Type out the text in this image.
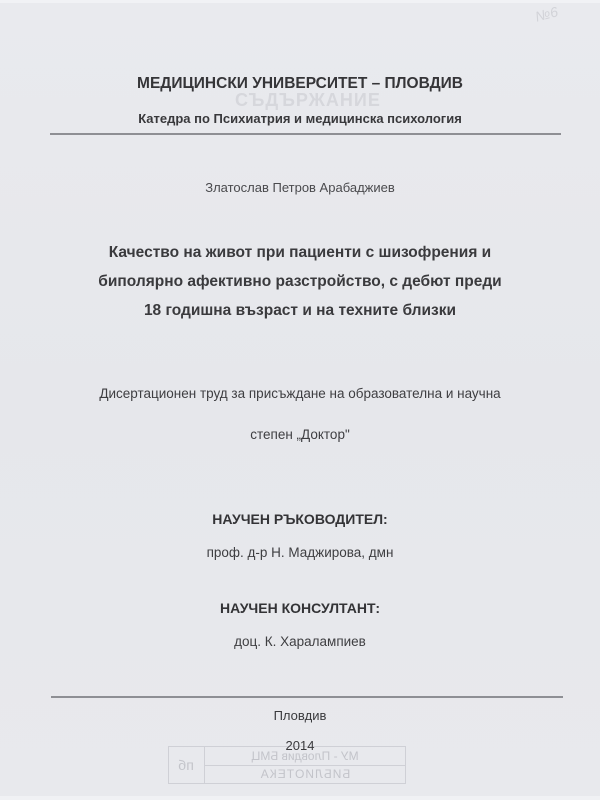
СЪДЪРЖАНИЕ
№6
МЕДИЦИНСКИ УНИВЕРСИТЕТ – ПЛОВДИВ
Катедра по Психиатрия и медицинска психология
Златослав Петров Арабаджиев
Качество на живот при пациенти с шизофрения и
биполярно афективно разстройство, с дебют преди
18 годишна възраст и на техните близки
Дисертационен труд за присъждане на образователна и научна
степен „Доктор"
НАУЧЕН РЪКОВОДИТЕЛ:
проф. д-р Н. Маджирова, дмн
НАУЧЕН КОНСУЛТАНТ:
доц. К. Харалампиев
МУ - Пловдив БМЦ
БИБЛИОТЕКА
пб
Пловдив
2014
